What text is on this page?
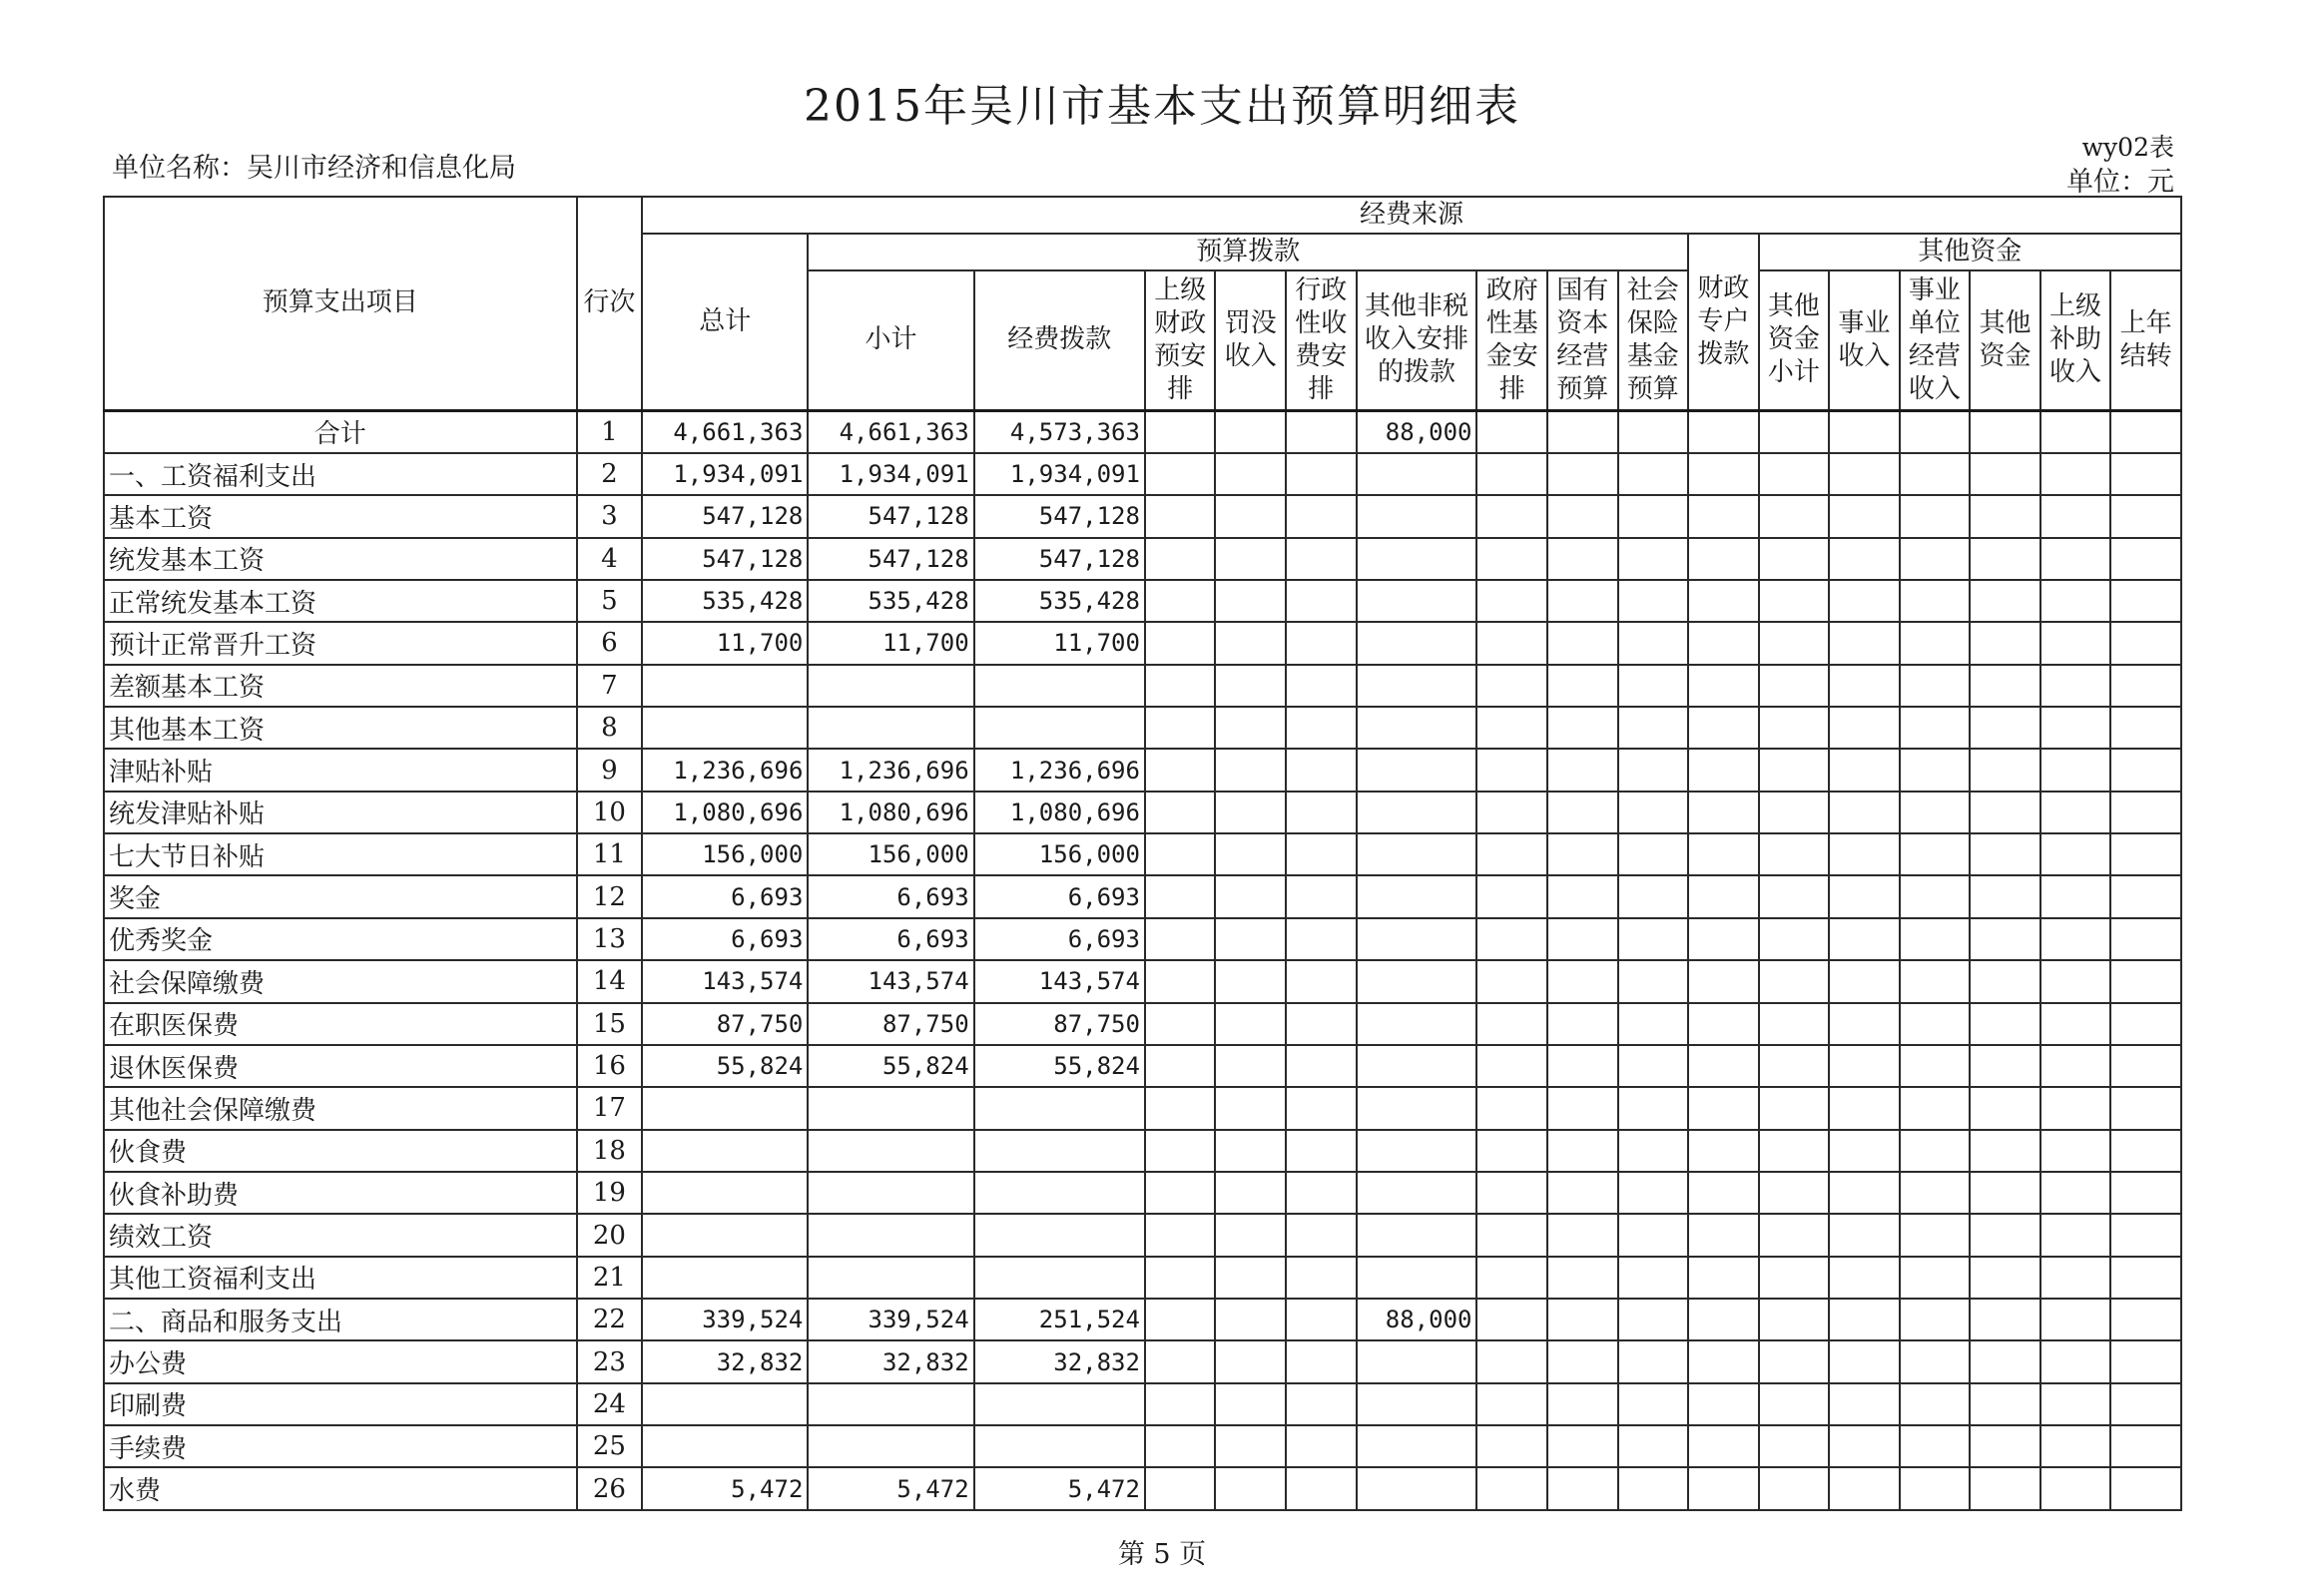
2015年吴川市基本支出预算明细表
单位名称：吴川市经济和信息化局
wy02表
单位：元
预算支出项目	行次	经费来源																
		总计	预算拨款									财政专户拨款	其他资金					
			小计	经费拨款	上级财政预安排	罚没收入	行政性收费安排	其他非税收入安排的拨款	政府性基金安排	国有资本经营预算	社会保险基金预算		其他资金小计	事业收入	事业单位经营收入	其他资金	上级补助收入	上年结转

合计	1	4,661,363	4,661,363	4,573,363				88,000										
一、工资福利支出	2	1,934,091	1,934,091	1,934,091														
基本工资	3	547,128	547,128	547,128														
统发基本工资	4	547,128	547,128	547,128														
正常统发基本工资	5	535,428	535,428	535,428														
预计正常晋升工资	6	11,700	11,700	11,700														
差额基本工资	7																	
其他基本工资	8																	
津贴补贴	9	1,236,696	1,236,696	1,236,696														
统发津贴补贴	10	1,080,696	1,080,696	1,080,696														
七大节日补贴	11	156,000	156,000	156,000														
奖金	12	6,693	6,693	6,693														
优秀奖金	13	6,693	6,693	6,693														
社会保障缴费	14	143,574	143,574	143,574														
在职医保费	15	87,750	87,750	87,750														
退休医保费	16	55,824	55,824	55,824														
其他社会保障缴费	17																	
伙食费	18																	
伙食补助费	19																	
绩效工资	20																	
其他工资福利支出	21																	
二、商品和服务支出	22	339,524	339,524	251,524				88,000										
办公费	23	32,832	32,832	32,832														
印刷费	24																	
手续费	25																	
水费	26	5,472	5,472	5,472														
第 5 页
